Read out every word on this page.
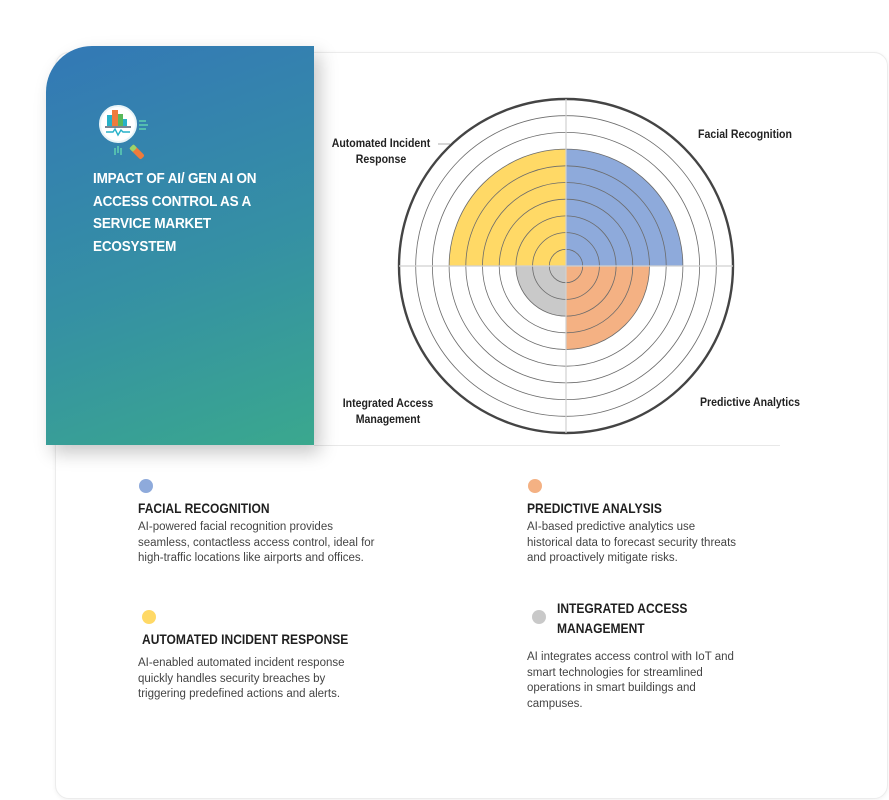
IMPACT OF AI/ GEN AI ON ACCESS CONTROL AS A SERVICE MARKET ECOSYSTEM
Automated Incident Response
Facial Recognition
Integrated Access Management
Predictive Analytics
FACIAL RECOGNITION
AI-powered facial recognition provides seamless, contactless access control, ideal for high-traffic locations like airports and offices.
PREDICTIVE ANALYSIS
AI-based predictive analytics use historical data to forecast security threats and proactively mitigate risks.
AUTOMATED INCIDENT RESPONSE
AI-enabled automated incident response quickly handles security breaches by triggering predefined actions and alerts.
INTEGRATED ACCESS
MANAGEMENT
AI integrates access control with IoT and smart technologies for streamlined operations in smart buildings and campuses.
